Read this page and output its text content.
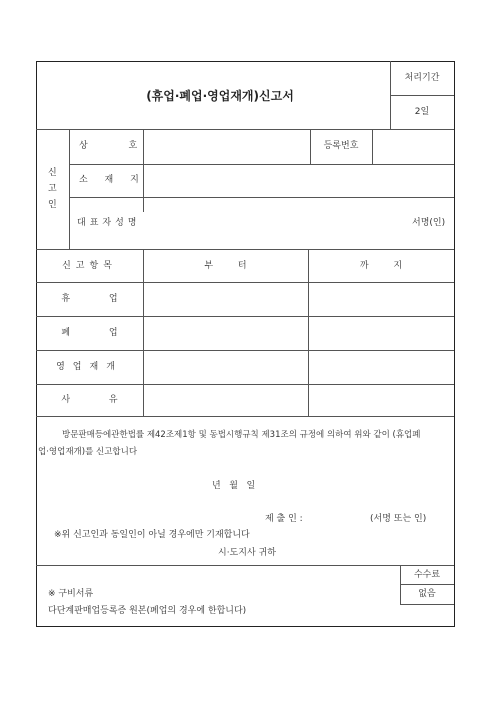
(휴업·폐업·영업재개)신고서
처리기간
2일
신
고
인
상 호	등록번호
소 재 지
대표자성명	서명(인)
신고항목	부 터	까 지
휴 업
폐 업
영업재개
사 유
방문판매등에관한법률 제42조제1항 및 동법시행규칙 제31조의 규정에 의하여 위와 같이 (휴업폐
업·영업재개)를 신고합니다
년   월   일
제 출 인 :	(서명 또는 인)
※위 신고인과 동일인이 아닐 경우에만 기재합니다
시·도지사 귀하
수수료
없음
※ 구비서류
다단계판매업등록증 원본(폐업의 경우에 한합니다)
